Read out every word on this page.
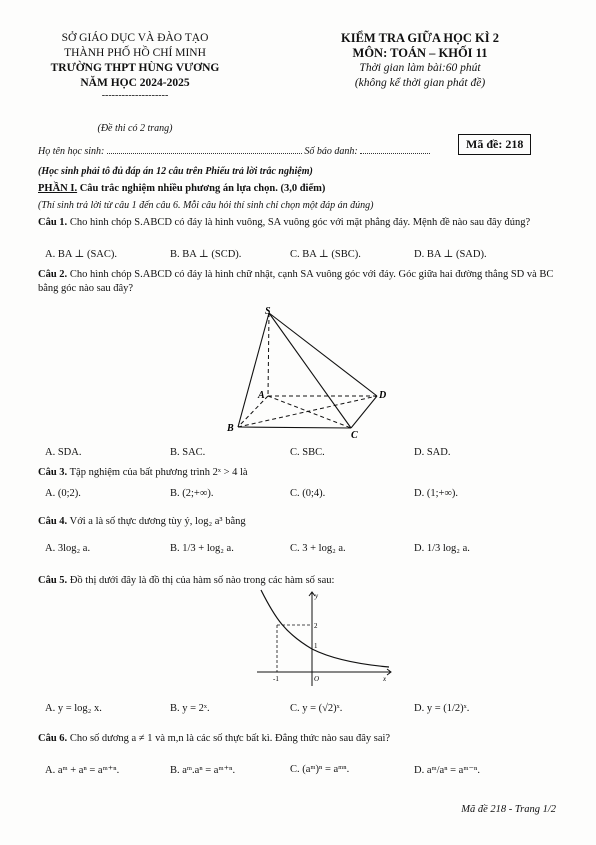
SỞ GIÁO DỤC VÀ ĐÀO TẠO
THÀNH PHỐ HỒ CHÍ MINH
TRƯỜNG THPT HÙNG VƯƠNG
NĂM HỌC 2024-2025
--------------------
(Đề thi có 2 trang)
KIỂM TRA GIỮA HỌC KÌ 2
MÔN: TOÁN – KHỐI 11
Thời gian làm bài:60 phút
(không kể thời gian phát đề)
Họ tên học sinh:	Số báo danh:
Mã đề: 218
(Học sinh phải tô đủ đáp án 12 câu trên Phiếu trả lời trắc nghiệm)
PHẦN I. Câu trắc nghiệm nhiều phương án lựa chọn. (3,0 điểm)
(Thí sinh trả lời từ câu 1 đến câu 6. Mỗi câu hỏi thí sinh chỉ chọn một đáp án đúng)
Câu 1. Cho hình chóp S.ABCD có đáy là hình vuông, SA vuông góc với mặt phẳng đáy. Mệnh đề nào sau đây đúng?
A. BA ⊥ (SAC).	B. BA ⊥ (SCD).	C. BA ⊥ (SBC).	D. BA ⊥ (SAD).
Câu 2. Cho hình chóp S.ABCD có đáy là hình chữ nhật, cạnh SA vuông góc với đáy. Góc giữa hai đường thẳng SD và BC bằng góc nào sau đây?
S
A	D
B
C
A. SDA.	B. SAC.	C. SBC.	D. SAD.
Câu 3. Tập nghiệm của bất phương trình 2ˣ > 4 là
A. (0;2).	B. (2;+∞).	C. (0;4).	D. (1;+∞).
Câu 4. Với a là số thực dương tùy ý, log₂ a³ bằng
A. 3log₂ a.	B. 1/3 + log₂ a.	C. 3 + log₂ a.	D. 1/3 log₂ a.
Câu 5. Đồ thị dưới đây là đồ thị của hàm số nào trong các hàm số sau:
y
2
1
-1	O	x
A. y = log₂ x.	B. y = 2ˣ.	C. y = (√2)ˣ.	D. y = (1/2)ˣ.
Câu 6. Cho số dương a ≠ 1 và m,n là các số thực bất kì. Đẳng thức nào sau đây sai?
A. aᵐ + aⁿ = aᵐ⁺ⁿ.	B. aᵐ.aⁿ = aᵐ⁺ⁿ.	C. (aᵐ)ⁿ = aᵐⁿ.	D. aᵐ/aⁿ = aᵐ⁻ⁿ.
Mã đề 218 - Trang 1/2
